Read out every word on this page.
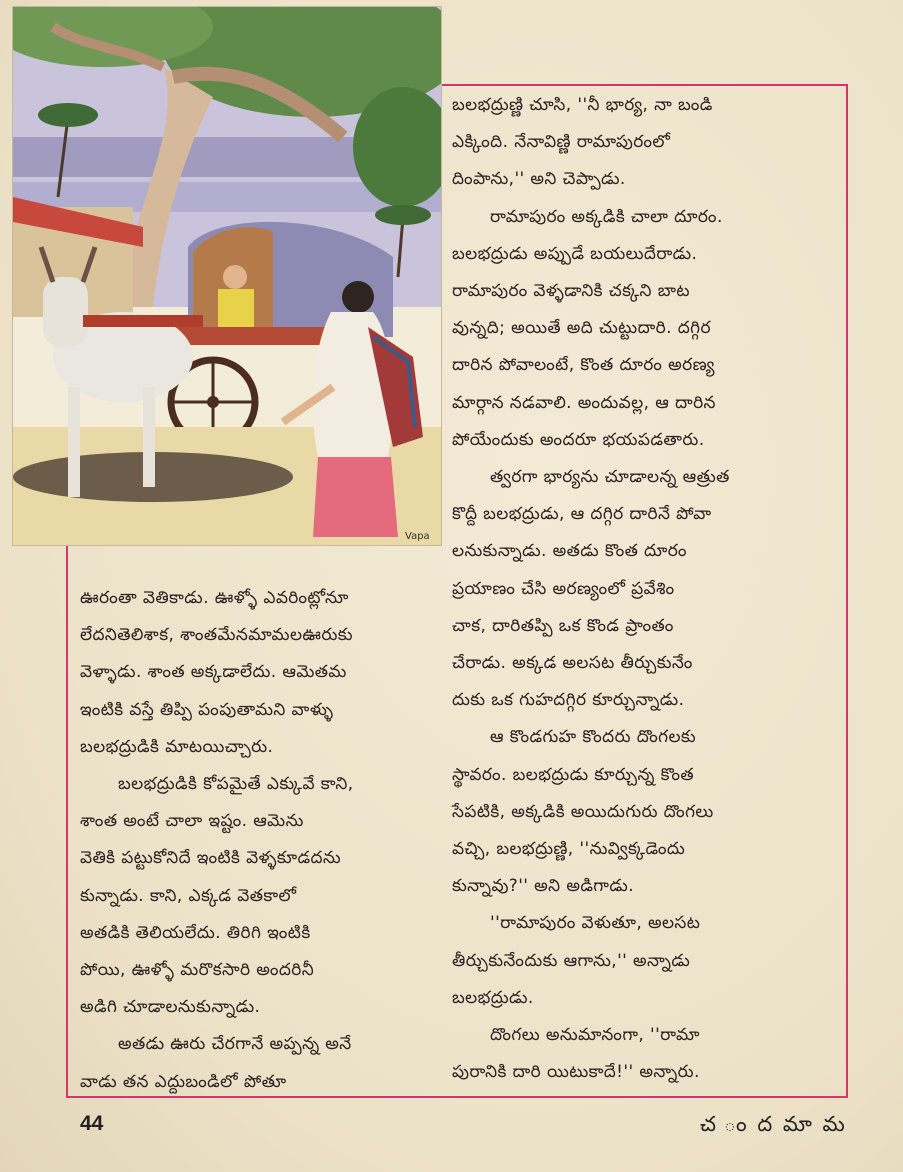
Vapa

బలభద్రుణ్ణి చూసి, ''నీ భార్య, నా బండి

ఎక్కింది. నేనావిణ్ణి రామాపురంలో

దింపాను,'' అని చెప్పాడు.

రామాపురం అక్కడికి చాలా దూరం.

బలభద్రుడు అప్పుడే బయలుదేరాడు.

రామాపురం వెళ్ళడానికి చక్కని బాట

వున్నది; అయితే అది చుట్టుదారి. దగ్గిర

దారిన పోవాలంటే, కొంత దూరం అరణ్య

మార్గాన నడవాలి. అందువల్ల, ఆ దారిన

పోయేందుకు అందరూ భయపడతారు.

త్వరగా భార్యను చూడాలన్న ఆత్రుత

కొద్దీ బలభద్రుడు, ఆ దగ్గిర దారినే పోవా

లనుకున్నాడు. అతడు కొంత దూరం

ప్రయాణం చేసి అరణ్యంలో ప్రవేశిం

చాక, దారితప్పి ఒక కొండ ప్రాంతం

చేరాడు. అక్కడ అలసట తీర్చుకునేం

దుకు ఒక గుహదగ్గిర కూర్చున్నాడు.

ఆ కొండగుహ కొందరు దొంగలకు

స్థావరం. బలభద్రుడు కూర్చున్న కొంత

సేపటికి, అక్కడికి అయిదుగురు దొంగలు

వచ్చి, బలభద్రుణ్ణి, ''నువ్విక్కడెందు

కున్నావు?'' అని అడిగాడు.

''రామాపురం వెళుతూ, అలసట

తీర్చుకునేందుకు ఆగాను,'' అన్నాడు

బలభద్రుడు.

దొంగలు అనుమానంగా, ''రామా

పురానికి దారి యిటుకాదే!'' అన్నారు.

ఊరంతా వెతికాడు. ఊళ్ళో ఎవరింట్లోనూ

లేదనితెలిశాక, శాంతమేనమామలఊరుకు

వెళ్ళాడు. శాంత అక్కడాలేదు. ఆమెతమ

ఇంటికి వస్తే తిప్పి పంపుతామని వాళ్ళు

బలభద్రుడికి మాటయిచ్చారు.

బలభద్రుడికి కోపమైతే ఎక్కువే కాని,

శాంత అంటే చాలా ఇష్టం. ఆమెను

వెతికి పట్టుకోనిదే ఇంటికి వెళ్ళకూడదను

కున్నాడు. కాని, ఎక్కడ వెతకాలో

అతడికి తెలియలేదు. తిరిగి ఇంటికి

పోయి, ఊళ్ళో మరొకసారి అందరినీ

అడిగి చూడాలనుకున్నాడు.

అతడు ఊరు చేరగానే అప్పన్న అనే

వాడు తన ఎద్దుబండిలో పోతూ

44	చ ం ద మా మ
